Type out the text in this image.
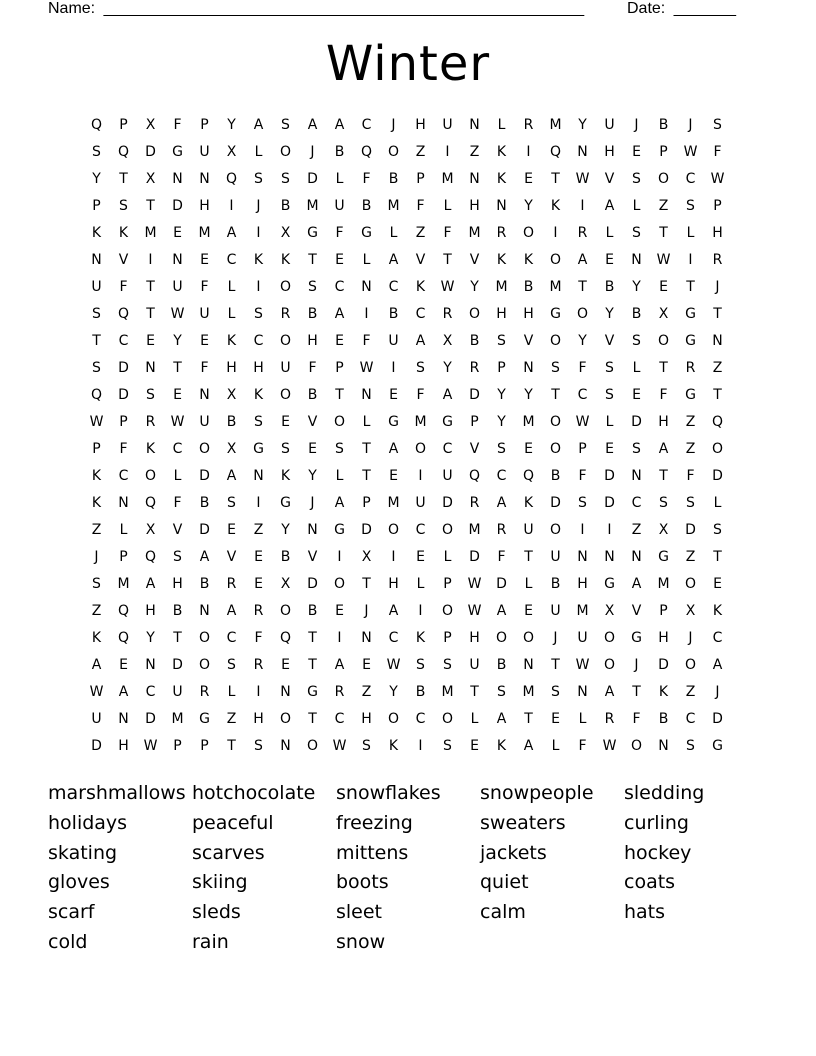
Name: ______________________________________________________	Date: _______
Winter
Q	P	X	F	P	Y	A	S	A	A	C	J	H	U	N	L	R	M	Y	U	J	B	J	S
S	Q	D	G	U	X	L	O	J	B	Q	O	Z	I	Z	K	I	Q	N	H	E	P	W	F
Y	T	X	N	N	Q	S	S	D	L	F	B	P	M	N	K	E	T	W	V	S	O	C	W
P	S	T	D	H	I	J	B	M	U	B	M	F	L	H	N	Y	K	I	A	L	Z	S	P
K	K	M	E	M	A	I	X	G	F	G	L	Z	F	M	R	O	I	R	L	S	T	L	H
N	V	I	N	E	C	K	K	T	E	L	A	V	T	V	K	K	O	A	E	N	W	I	R
U	F	T	U	F	L	I	O	S	C	N	C	K	W	Y	M	B	M	T	B	Y	E	T	J
S	Q	T	W	U	L	S	R	B	A	I	B	C	R	O	H	H	G	O	Y	B	X	G	T
T	C	E	Y	E	K	C	O	H	E	F	U	A	X	B	S	V	O	Y	V	S	O	G	N
S	D	N	T	F	H	H	U	F	P	W	I	S	Y	R	P	N	S	F	S	L	T	R	Z
Q	D	S	E	N	X	K	O	B	T	N	E	F	A	D	Y	Y	T	C	S	E	F	G	T
W	P	R	W	U	B	S	E	V	O	L	G	M	G	P	Y	M	O	W	L	D	H	Z	Q
P	F	K	C	O	X	G	S	E	S	T	A	O	C	V	S	E	O	P	E	S	A	Z	O
K	C	O	L	D	A	N	K	Y	L	T	E	I	U	Q	C	Q	B	F	D	N	T	F	D
K	N	Q	F	B	S	I	G	J	A	P	M	U	D	R	A	K	D	S	D	C	S	S	L
Z	L	X	V	D	E	Z	Y	N	G	D	O	C	O	M	R	U	O	I	I	Z	X	D	S
J	P	Q	S	A	V	E	B	V	I	X	I	E	L	D	F	T	U	N	N	N	G	Z	T
S	M	A	H	B	R	E	X	D	O	T	H	L	P	W	D	L	B	H	G	A	M	O	E
Z	Q	H	B	N	A	R	O	B	E	J	A	I	O	W	A	E	U	M	X	V	P	X	K
K	Q	Y	T	O	C	F	Q	T	I	N	C	K	P	H	O	O	J	U	O	G	H	J	C
A	E	N	D	O	S	R	E	T	A	E	W	S	S	U	B	N	T	W	O	J	D	O	A
W	A	C	U	R	L	I	N	G	R	Z	Y	B	M	T	S	M	S	N	A	T	K	Z	J
U	N	D	M	G	Z	H	O	T	C	H	O	C	O	L	A	T	E	L	R	F	B	C	D
D	H	W	P	P	T	S	N	O	W	S	K	I	S	E	K	A	L	F	W	O	N	S	G
marshmallows hotchocolate	snowflakes	snowpeople	sledding
holidays	peaceful	freezing	sweaters	curling
skating	scarves	mittens	jackets	hockey
gloves	skiing	boots	quiet	coats
scarf	sleds	sleet	calm	hats
cold	rain	snow
